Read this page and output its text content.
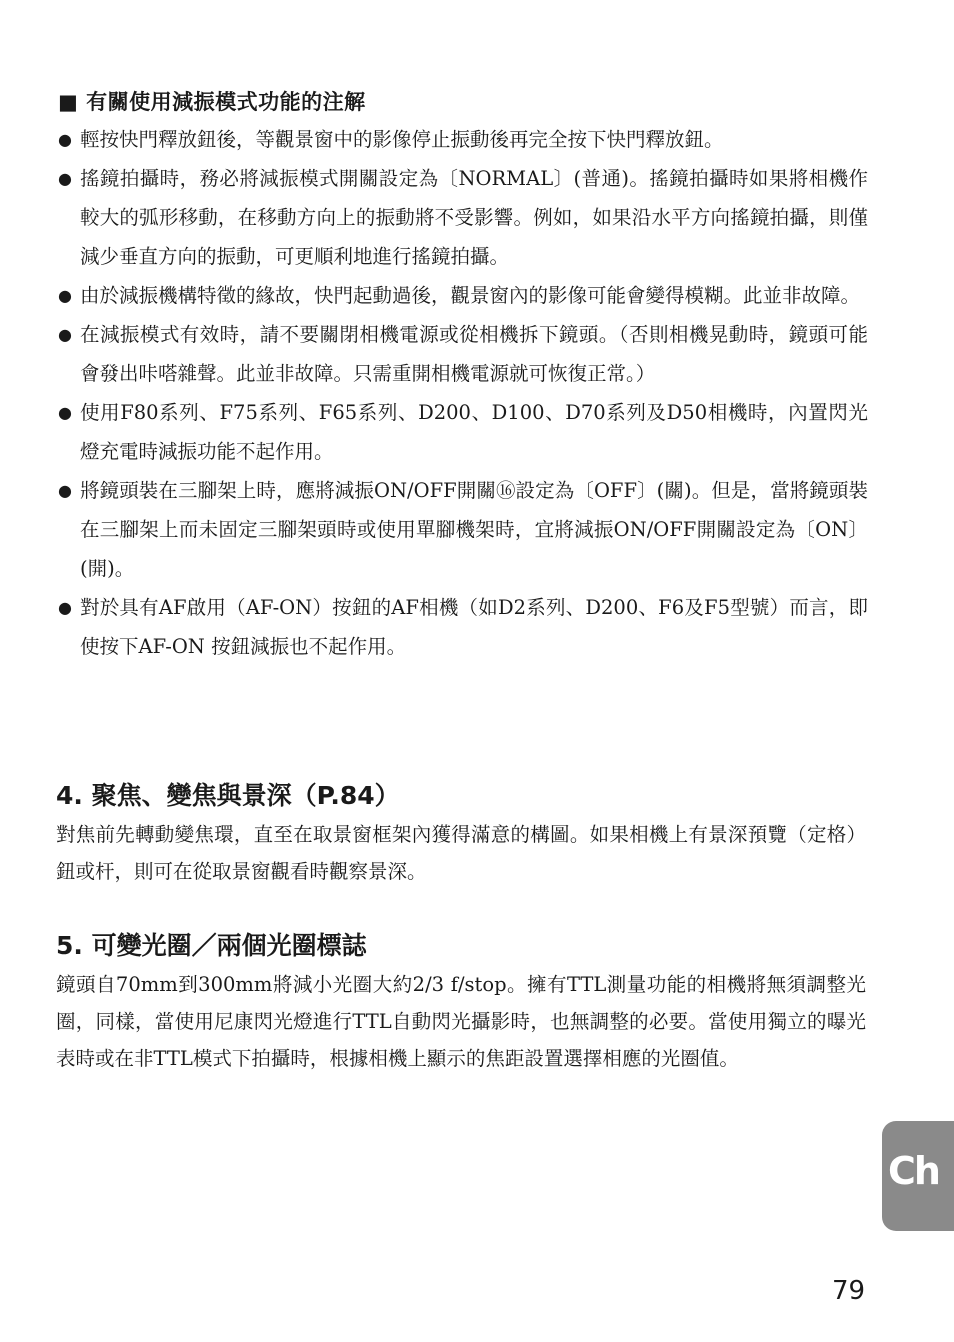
■ 有關使用減振模式功能的注解
● 輕按快門釋放鈕後，等觀景窗中的影像停止振動後再完全按下快門釋放鈕。
● 搖鏡拍攝時，務必將減振模式開關設定為〔NORMAL〕(普通)。搖鏡拍攝時如果將相機作較大的弧形移動，在移動方向上的振動將不受影響。例如，如果沿水平方向搖鏡拍攝，則僅減少垂直方向的振動，可更順利地進行搖鏡拍攝。
● 由於減振機構特徵的緣故，快門起動過後，觀景窗內的影像可能會變得模糊。此並非故障。
● 在減振模式有效時，請不要關閉相機電源或從相機拆下鏡頭。（否則相機晃動時，鏡頭可能會發出咔嗒雜聲。此並非故障。只需重開相機電源就可恢復正常。）
● 使用F80系列、F75系列、F65系列、D200、D100、D70系列及D50相機時，內置閃光燈充電時減振功能不起作用。
● 將鏡頭裝在三腳架上時，應將減振ON/OFF開關⑯設定為〔OFF〕(關)。但是，當將鏡頭裝在三腳架上而未固定三腳架頭時或使用單腳機架時，宜將減振ON/OFF開關設定為〔ON〕(開)。
● 對於具有AF啟用（AF-ON）按鈕的AF相機（如D2系列、D200、F6及F5型號）而言，即使按下AF-ON 按鈕減振也不起作用。
4. 聚焦、變焦與景深（P.84）

對焦前先轉動變焦環，直至在取景窗框架內獲得滿意的構圖。如果相機上有景深預覽（定格）鈕或杆，則可在從取景窗觀看時觀察景深。

5. 可變光圈／兩個光圈標誌

鏡頭自70mm到300mm將減小光圈大約2/3 f/stop。擁有TTL測量功能的相機將無須調整光圈，同樣，當使用尼康閃光燈進行TTL自動閃光攝影時，也無調整的必要。當使用獨立的曝光表時或在非TTL模式下拍攝時，根據相機上顯示的焦距設置選擇相應的光圈值。

Ch
79
